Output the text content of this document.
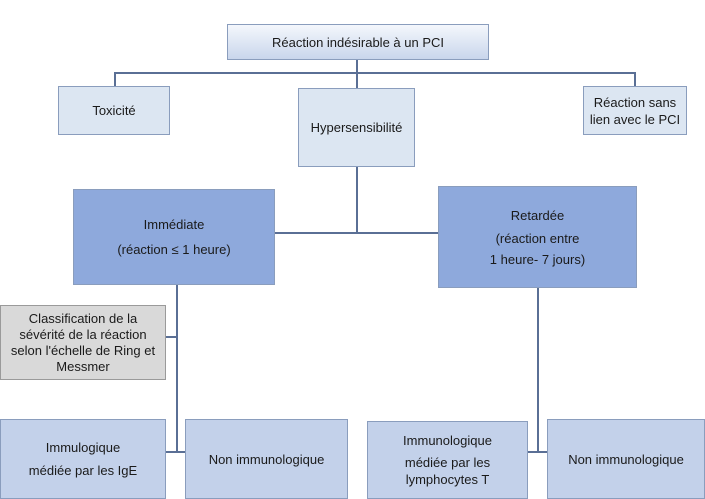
Réaction indésirable à un PCI
Toxicité
Hypersensibilité
Réaction sans
lien avec le PCI
Immédiate
(réaction ≤ 1 heure)
Retardée
(réaction entre
1 heure- 7 jours)
Classification de la
sévérité de la réaction
selon l'échelle de Ring et
Messmer
Immulogique
médiée par les IgE
Non immunologique
Immunologique
médiée par les
lymphocytes T
Non immunologique
